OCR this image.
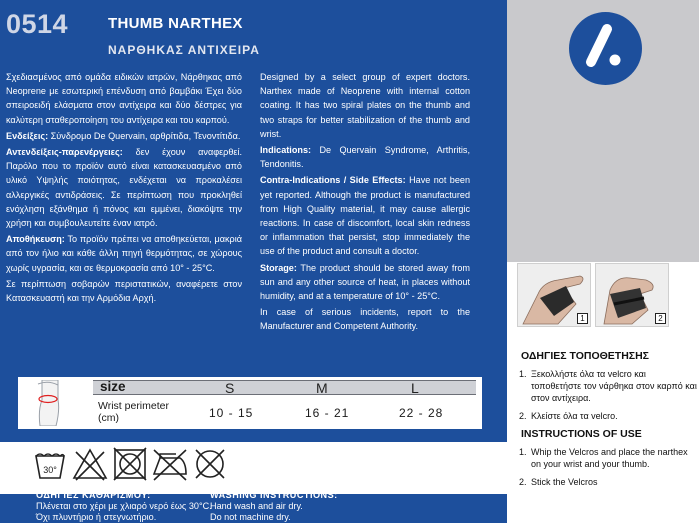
0514	THUMB NARTHEX
ΝΑΡΘΗΚΑΣ ΑΝΤΙΧΕΙΡΑ

Σχεδιασμένος από ομάδα ειδικών ιατρών, Νάρθηκας από Neoprene με εσωτερική επένδυση από βαμβάκι Έχει δύο σπειροειδή ελάσματα στον αντίχειρα και δύο δέστρες για καλύτερη σταθεροποίηση του αντίχειρα και του καρπού.

Ενδείξεις: Σύνδρομο De Quervain, αρθρίτιδα, Τενοντίτιδα.

Αντενδείξεις-παρενέργειες: δεν έχουν αναφερθεί. Παρόλο που το προϊόν αυτό είναι κατασκευασμένο από υλικό Υψηλής ποιότητας, ενδέχεται να προκαλέσει αλλεργικές αντιδράσεις. Σε περίπτωση που προκληθεί ενόχληση εξάνθημα ή πόνος και εμμένει, διακόψτε την χρήση και συμβουλευτείτε έναν ιατρό.

Αποθήκευση: Το προϊόν πρέπει να αποθηκεύεται, μακριά από τον ήλιο και κάθε άλλη πηγή θερμότητας, σε χώρους χωρίς υγρασία, και σε θερμοκρασία από 10° - 25°C.

Σε περίπτωση σοβαρών περιστατικών, αναφέρετε στον Κατασκευαστή και την Αρμόδια Αρχή.

Designed by a select group of expert doctors. Narthex made of Neoprene with internal cotton coating. It has two spiral plates on the thumb and two straps for better stabilization of the thumb and wrist.

Indications: De Quervain Syndrome, Arthritis, Tendonitis.

Contra-Indications / Side Effects: Have not been yet reported. Although the product is manufactured from High Quality material, it may cause allergic reactions. In case of discomfort, local skin redness or inflammation that persist, stop immediately the use of the product and consult a doctor.

Storage: The product should be stored away from sun and any other source of heat, in places without humidity, and at a temperature of 10° - 25°C.

In case of serious incidents, report to the Manufacturer and Competent Authority.

size	S	M	L
Wrist perimeter
(cm)	10 - 15	16 - 21	22 - 28
30°
ΟΔΗΓΙΕΣ ΚΑΘΑΡΙΣΜΟΥ:
Πλένεται στο χέρι με χλιαρό νερό έως 30°C.
Όχι πλυντήριο ή στεγνωτήριο.
WASHING INSTRUCTIONS:
Hand wash and air dry.
Do not machine dry.
1	2
ΟΔΗΓΙΕΣ ΤΟΠΟΘΕΤΗΣΗΣ
1. Ξεκολλήστε όλα τα velcro και τοποθετήστε τον νάρθηκα στον καρπό και στον αντίχειρα.
2. Κλείστε όλα τα velcro.
INSTRUCTIONS OF USE
1. Whip the Velcros and place the narthex on your wrist and your thumb.
2. Stick the Velcros
